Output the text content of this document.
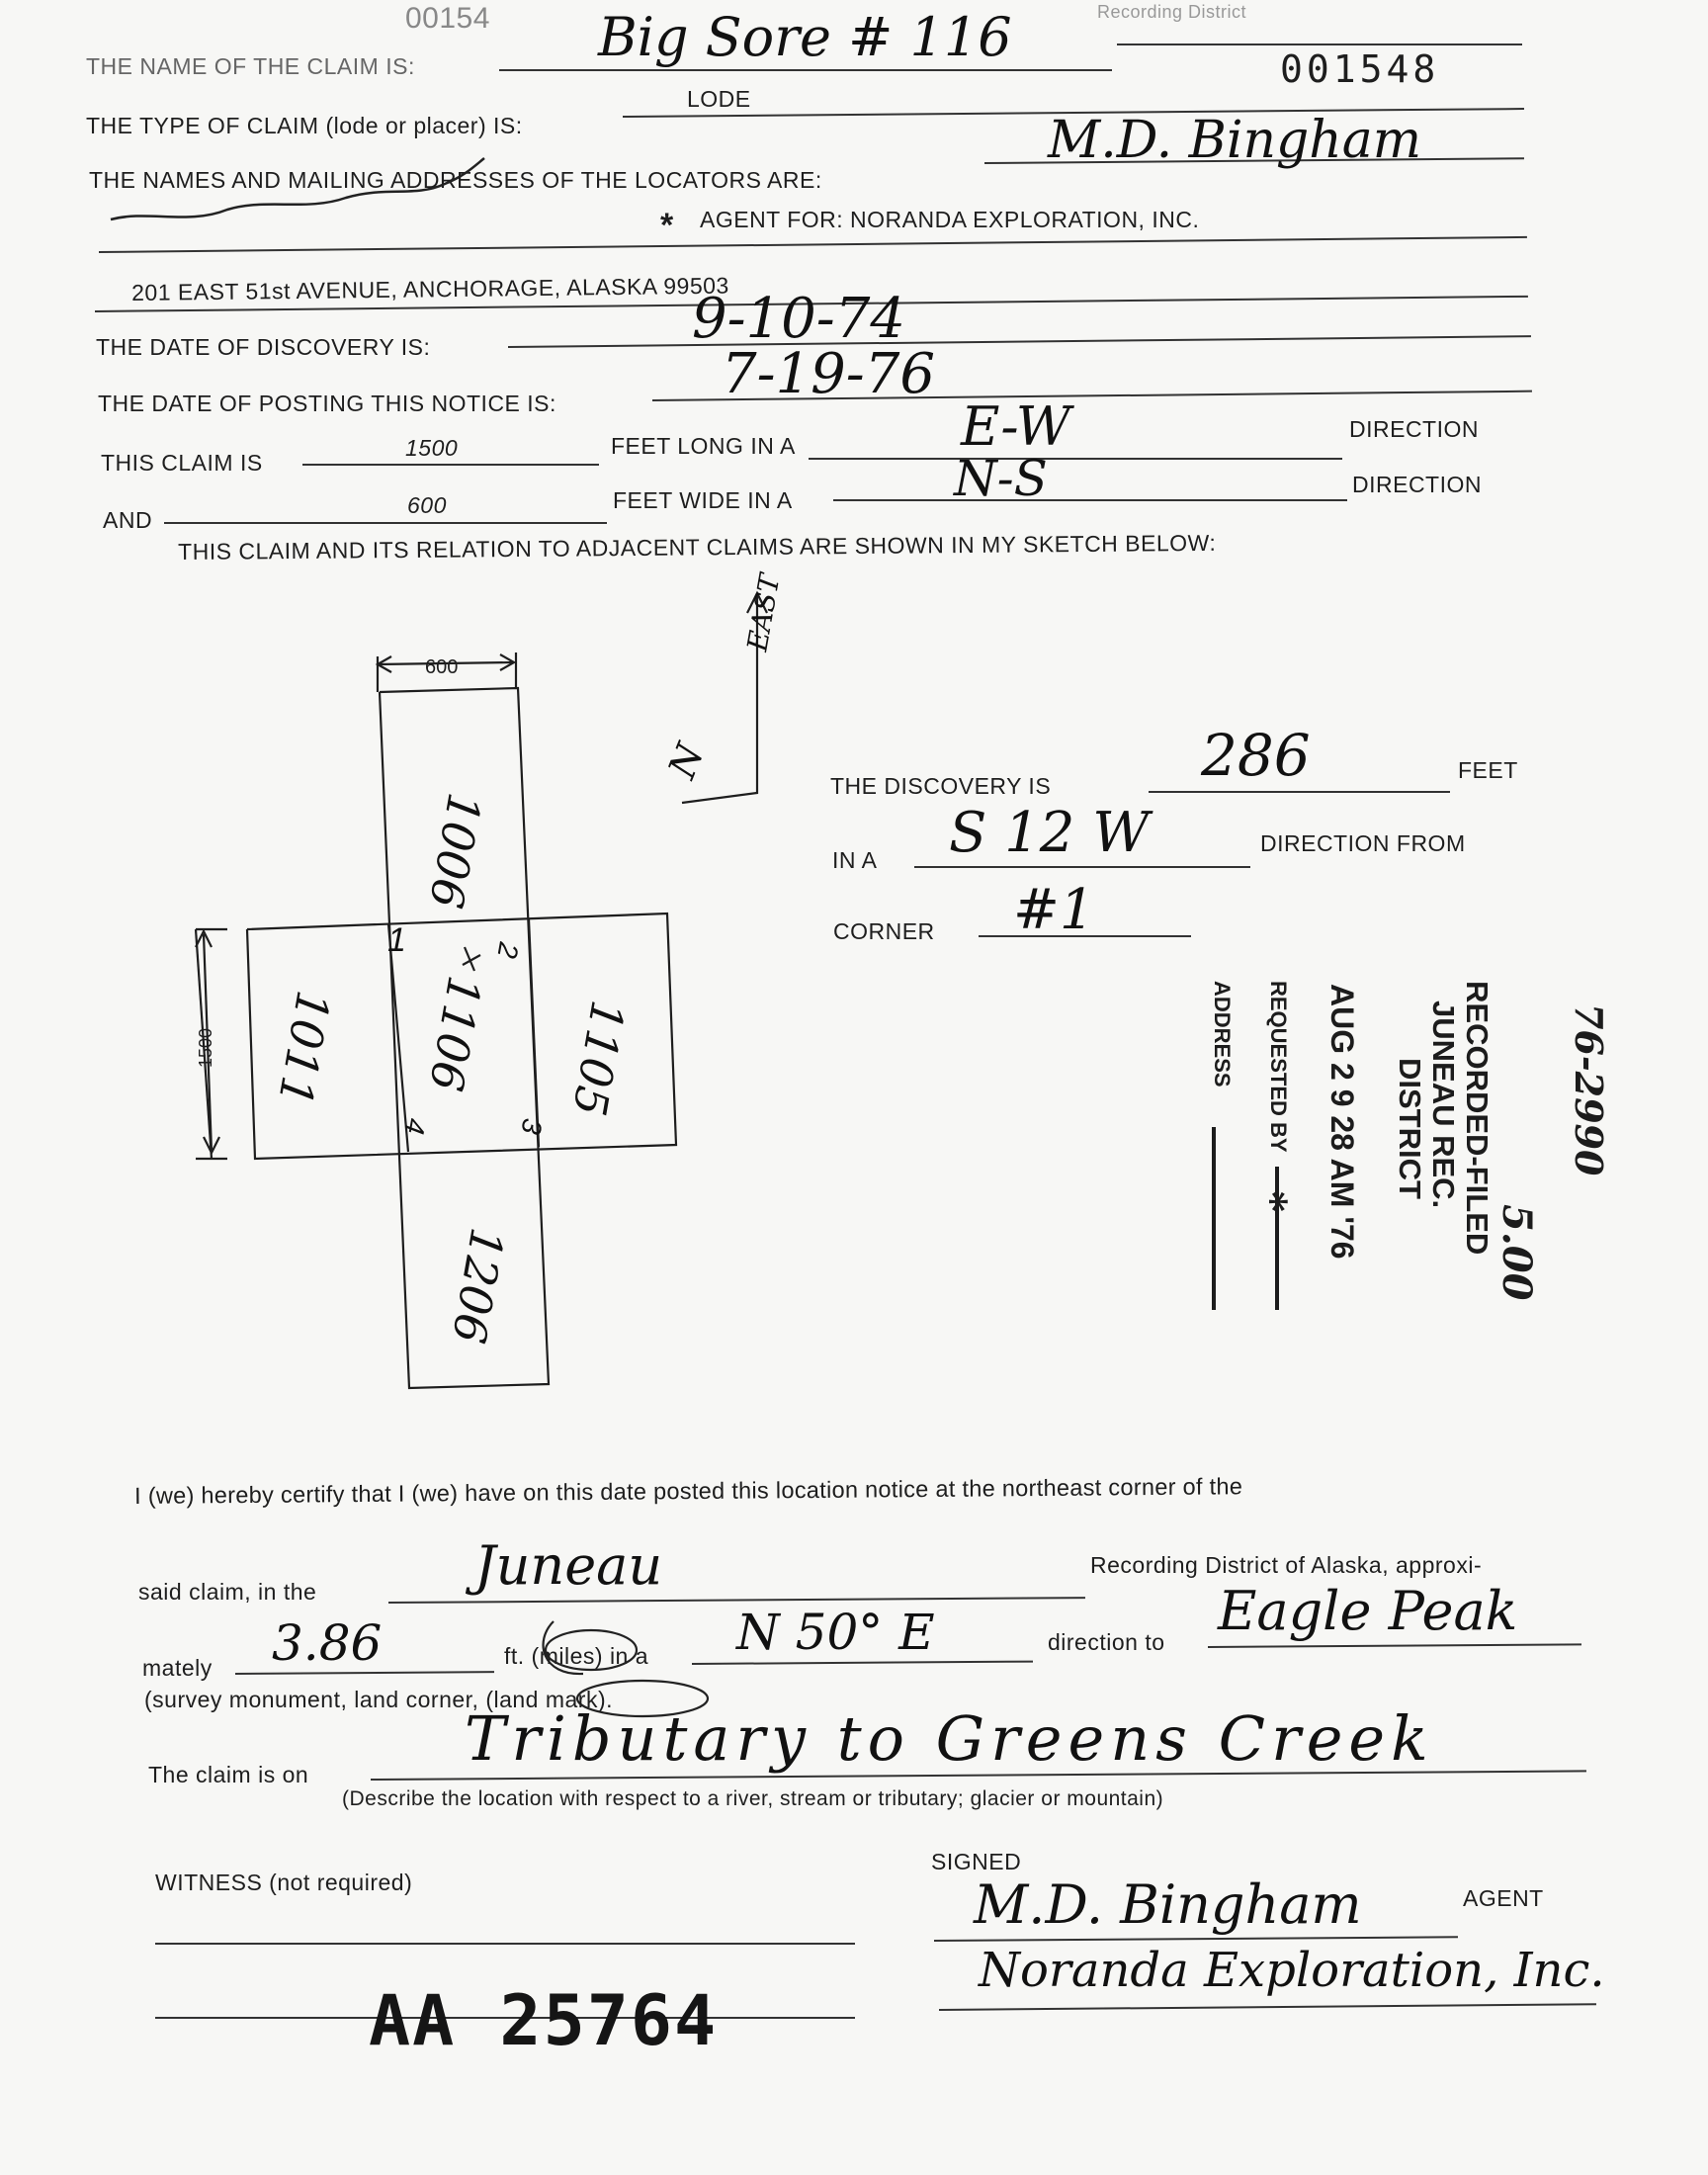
00154	Recording District
001548
THE NAME OF THE CLAIM IS:	Big Sore # 116
THE TYPE OF CLAIM (lode or placer) IS:
LODE
THE NAMES AND MAILING ADDRESSES OF THE LOCATORS ARE:
M.D. Bingham
* AGENT FOR: NORANDA EXPLORATION, INC.
201 EAST 51st AVENUE, ANCHORAGE, ALASKA 99503
THE DATE OF DISCOVERY IS:	9-10-74
THE DATE OF POSTING THIS NOTICE IS:	7-19-76
THIS CLAIM IS
1500	FEET LONG IN A	E-W	DIRECTION
AND
600	FEET WIDE IN A	N-S	DIRECTION
THIS CLAIM AND ITS RELATION TO ADJACENT CLAIMS ARE SHOWN IN MY SKETCH BELOW:
600
1500
N
EAST
1006
1106
1011	1105
1206
1	2
3
4
THE DISCOVERY IS	286	FEET
IN A S 12 W	DIRECTION FROM
CORNER #1
76-2990
5.00
RECORDED-FILED
JUNEAU REC.
DISTRICT
AUG 2 9 28 AM '76
REQUESTED BY
*
ADDRESS
I (we) hereby certify that I (we) have on this date posted this location notice at the northeast corner of the
said claim, in the	Juneau	Recording District of Alaska, approxi-
mately 3.86	ft. (miles) in a N 50° E	direction to Eagle Peak
(survey monument, land corner, (land mark).
The claim is on	Tributary to Greens Creek
(Describe the location with respect to a river, stream or tributary; glacier or mountain)
WITNESS (not required)
SIGNED
M.D. Bingham	AGENT
Noranda Exploration, Inc.
AA 25764
